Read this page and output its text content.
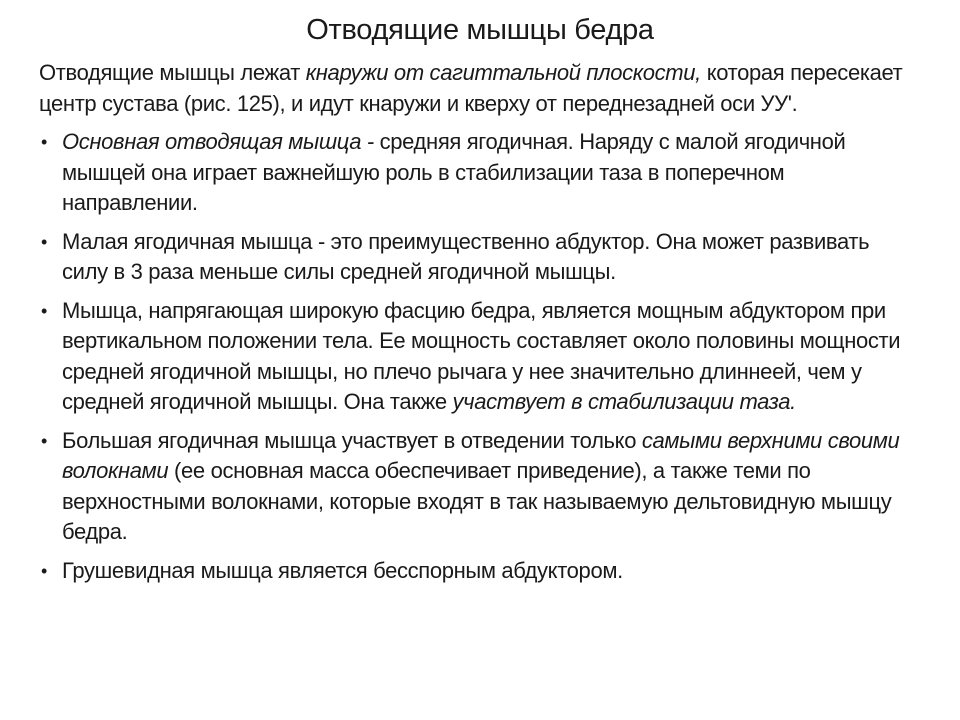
Отводящие мышцы бедра

Отводящие мышцы лежат кнаружи от сагиттальной плоскости, которая пересекает центр сустава (рис. 125), и идут кнаружи и кверху от переднезадней оси УУ'.

• Основная отводящая мышца - средняя ягодичная. Наряду с малой ягодичной мышцей она играет важнейшую роль в стабилизации таза в поперечном направлении.
• Малая ягодичная мышца - это преимущественно абдуктор. Она может развивать силу в 3 раза меньше силы средней ягодичной мышцы.
• Мышца, напрягающая широкую фасцию бедра, является мощным абдуктором при вертикальном положении тела. Ее мощность составляет около половины мощности средней ягодичной мышцы, но плечо рычага у нее значительно длиннеей, чем у средней ягодичной мышцы. Она также участвует в стабилизации таза.
• Большая ягодичная мышца участвует в отведении только самыми верхними своими волокнами (ее основная масса обеспечивает приведение), а также теми по верхностными волокнами, которые входят в так называемую дельтовидную мышцу бедра.
• Грушевидная мышца является бесспорным абдуктором.
